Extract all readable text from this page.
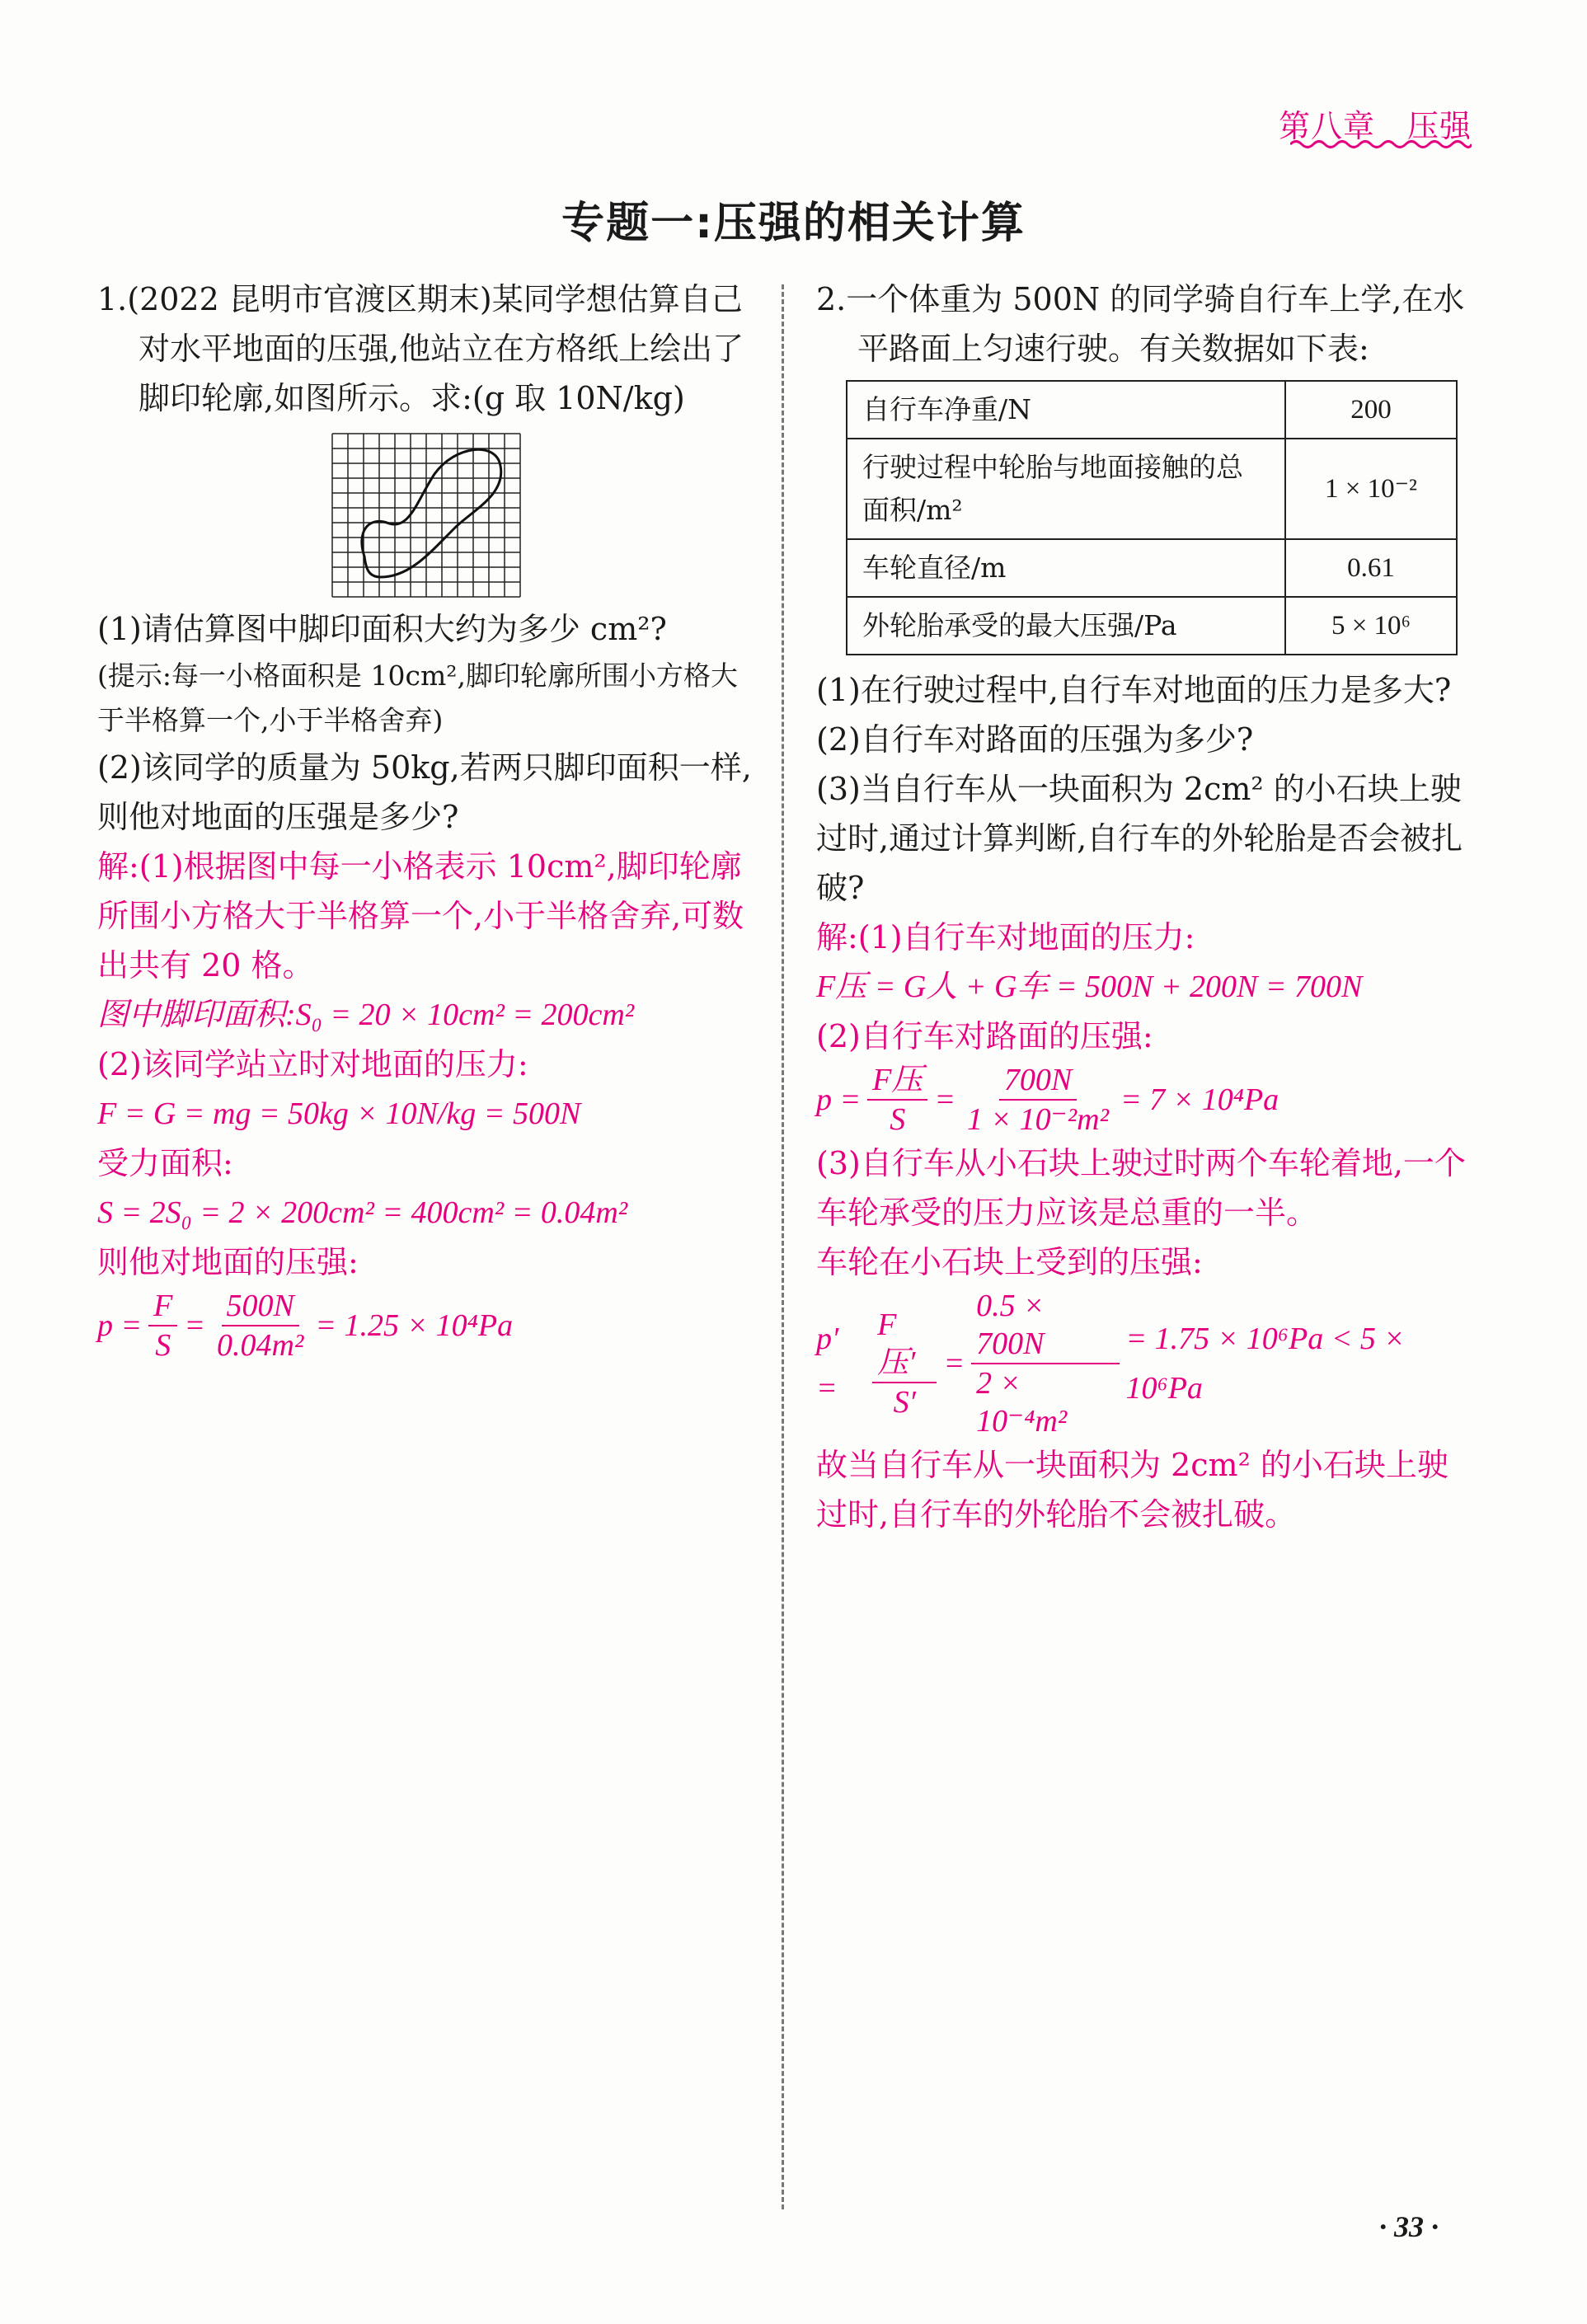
第八章　压强
专题一:压强的相关计算

1.(2022 昆明市官渡区期末)某同学想估算自己对水平地面的压强,他站立在方格纸上绘出了脚印轮廓,如图所示。求:(g 取 10N/kg)

(1)请估算图中脚印面积大约为多少 cm²?

(提示:每一小格面积是 10cm²,脚印轮廓所围小方格大于半格算一个,小于半格舍弃)

(2)该同学的质量为 50kg,若两只脚印面积一样,则他对地面的压强是多少?

解:(1)根据图中每一小格表示 10cm²,脚印轮廓所围小方格大于半格算一个,小于半格舍弃,可数出共有 20 格。

图中脚印面积:S₀ = 20 × 10cm² = 200cm²

(2)该同学站立时对地面的压力:

F = G = mg = 50kg × 10N/kg = 500N

受力面积:

S = 2S₀ = 2 × 200cm² = 400cm² = 0.04m²

则他对地面的压强:

$p = \frac{F}{S} = \frac{500N}{\text{0.04m²}} = 1.25 \times 10^4Pa$

2.一个体重为 500N 的同学骑自行车上学,在水平路面上匀速行驶。有关数据如下表:

自行车净重/N	200
行驶过程中轮胎与地面接触的总面积/m²	1 × 10⁻²
车轮直径/m	0.61
外轮胎承受的最大压强/Pa	5 × 10⁶

(1)在行驶过程中,自行车对地面的压力是多大?

(2)自行车对路面的压强为多少?

(3)当自行车从一块面积为 2cm² 的小石块上驶过时,通过计算判断,自行车的外轮胎是否会被扎破?

解:(1)自行车对地面的压力:

F压 = G人 + G车 = 500N + 200N = 700N

(2)自行车对路面的压强:

$p = \frac{\text{F压}}{S} = \frac{700N}{\text{1 × 10⁻²m²}} = 7 \times 10^4Pa$

(3)自行车从小石块上驶过时两个车轮着地,一个车轮承受的压力应该是总重的一半。

车轮在小石块上受到的压强:

p′ =	$\frac{\text{F压′}}{S'} = \frac{0.5 \times 700N}{\text{2 × 10⁻⁴m²}} = 1.75 \times 10^6Pa < 5 \times 10^6Pa$

故当自行车从一块面积为 2cm² 的小石块上驶过时,自行车的外轮胎不会被扎破。

· 33 ·
